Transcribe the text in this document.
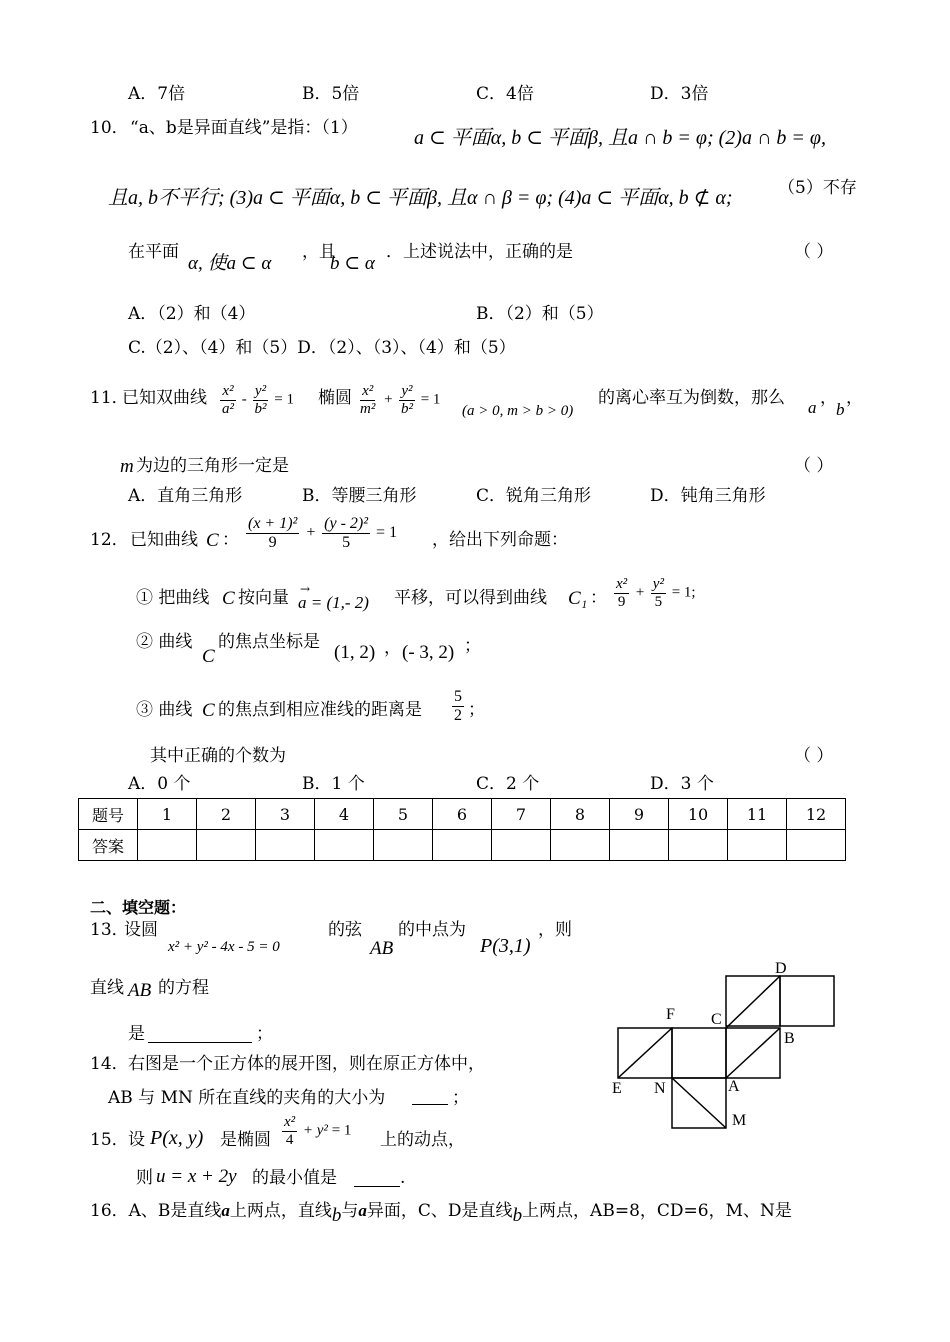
A．7倍	B．5倍	C．4倍	D．3倍
10． “a、b是异面直线”是指：（1）	a ⊂ 平面α, b ⊂ 平面β, 且a ∩ b = φ; (2)a ∩ b = φ,
且a, b不平行; (3)a ⊂ 平面α, b ⊂ 平面β, 且α ∩ β = φ; (4)a ⊂ 平面α, b ⊄ α;	（5）不存
在平面
α, 使a ⊂ α
，且
b ⊂ α
．上述说法中，正确的是	（ ）
A．（2）和（4）	B．（2）和（5）
C.（2）、（4）和（5）D．（2）、（3）、（4）和（5）
11．
已知双曲线 $\frac{\text{x²}}{\text{a²}} - \frac{\text{y²}}{\text{b²}} = 1$ 椭圆 $\frac{\text{x²}}{\text{m²}} + \frac{\text{y²}}{\text{b²}} = 1$
(a > 0, m > b > 0)
的离心率互为倒数，那么 a ，
b
，
m 为边的三角形一定是	（ ）
A．直角三角形	B．等腰三角形	C．锐角三角形	D．钝角三角形
12． 已知曲线 C ： $\frac{\text{(x + 1)²}}{9} + \frac{\text{(y - 2)²}}{5} = 1$ ，给出下列命题：
① 把曲线 C 按向量 a = (1,- 2)
→	平移，可以得到曲线 C₁ ： $\frac{\text{x²}}{9} + \frac{\text{y²}}{5} = 1$;
② 曲线
C
的焦点坐标是 (1, 2) ， (- 3, 2) ；
③ 曲线 C 的焦点到相应准线的距离是 $\frac{5}{2}$ ；
其中正确的个数为	（ ）
A．0 个	B．1 个	C．2 个	D．3 个
题号	1	2	3	4	5	6	7	8	9	10	11	12
答案												
二、填空题：
13．
设圆
x² + y² - 4x - 5 = 0
的弦
AB
的中点为
P(3,1)
，则
直线 AB 的方程
是	；
14． 右图是一个正方体的展开图，则在原正方体中，
AB 与 MN 所在直线的夹角的大小为	；
15． 设 P(x, y) 是椭圆 $\frac{\text{x²}}{4} + y^2 = 1$ 上的动点，
则 u = x + 2y 的最小值是	.
16．A、B是直线a上两点，直线b与a异面，C、D是直线b上两点，AB=8，CD=6，M、N是
D
F C
B
E N	A
M
